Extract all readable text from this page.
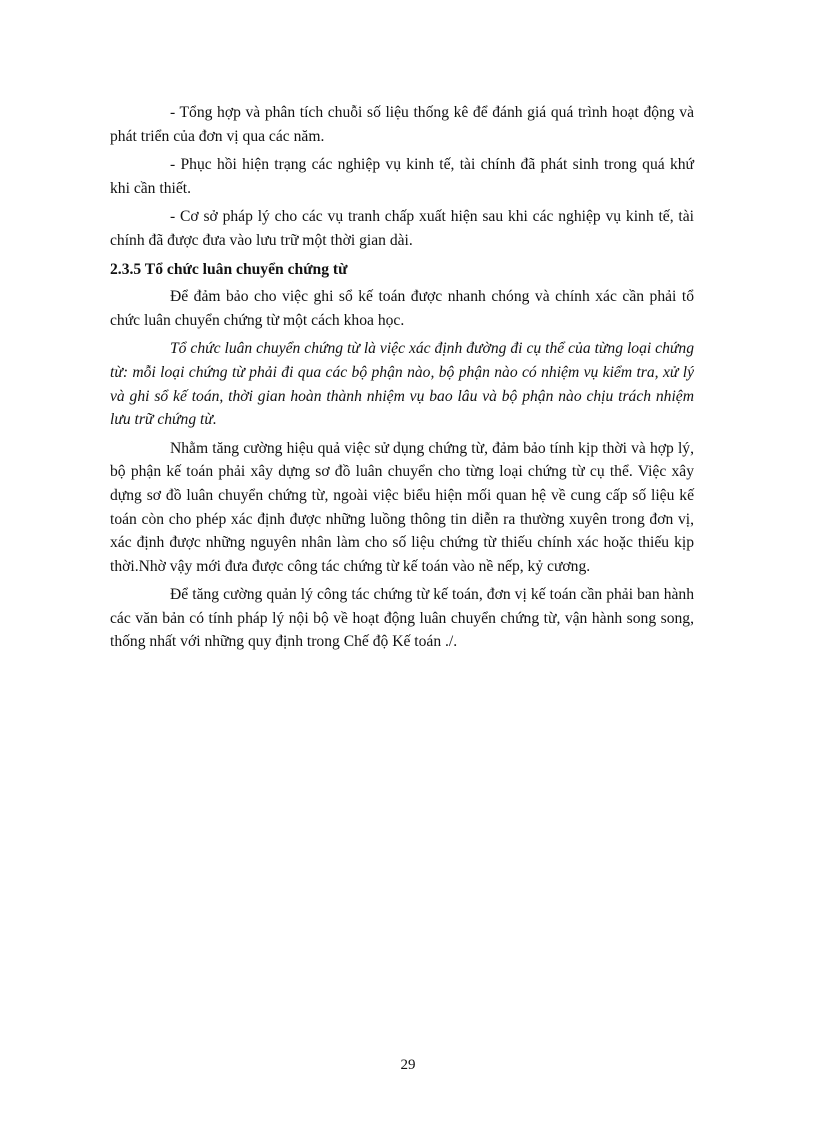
- Tổng hợp và phân tích chuỗi số liệu thống kê để đánh giá quá trình hoạt động và phát triển của đơn vị qua các năm.

- Phục hồi hiện trạng các nghiệp vụ kinh tế, tài chính đã phát sinh trong quá khứ khi cần thiết.

- Cơ sở pháp lý cho các vụ tranh chấp xuất hiện sau khi các nghiệp vụ kinh tế, tài chính đã được đưa vào lưu trữ một thời gian dài.

2.3.5 Tổ chức luân chuyển chứng từ

Để đảm bảo cho việc ghi sổ kế toán được nhanh chóng và chính xác cần phải tổ chức luân chuyển chứng từ một cách khoa học.

Tổ chức luân chuyển chứng từ là việc xác định đường đi cụ thể của từng loại chứng từ: mỗi loại chứng từ phải đi qua các bộ phận nào, bộ phận nào có nhiệm vụ kiểm tra, xử lý và ghi sổ kế toán, thời gian hoàn thành nhiệm vụ bao lâu và bộ phận nào chịu trách nhiệm lưu trữ chứng từ.

Nhằm tăng cường hiệu quả việc sử dụng chứng từ, đảm bảo tính kịp thời và hợp lý, bộ phận kế toán phải xây dựng sơ đồ luân chuyển cho từng loại chứng từ cụ thể. Việc xây dựng sơ đồ luân chuyển chứng từ, ngoài việc biểu hiện mối quan hệ về cung cấp số liệu kế toán còn cho phép xác định được những luồng thông tin diễn ra thường xuyên trong đơn vị, xác định được những nguyên nhân làm cho số liệu chứng từ thiếu chính xác hoặc thiếu kịp thời.Nhờ vậy mới đưa được công tác chứng từ kế toán vào nề nếp, kỷ cương.

Để tăng cường quản lý công tác chứng từ kế toán, đơn vị kế toán cần phải ban hành các văn bản có tính pháp lý nội bộ về hoạt động luân chuyển chứng từ, vận hành song song, thống nhất với những quy định trong Chế độ Kế toán ./.

29
